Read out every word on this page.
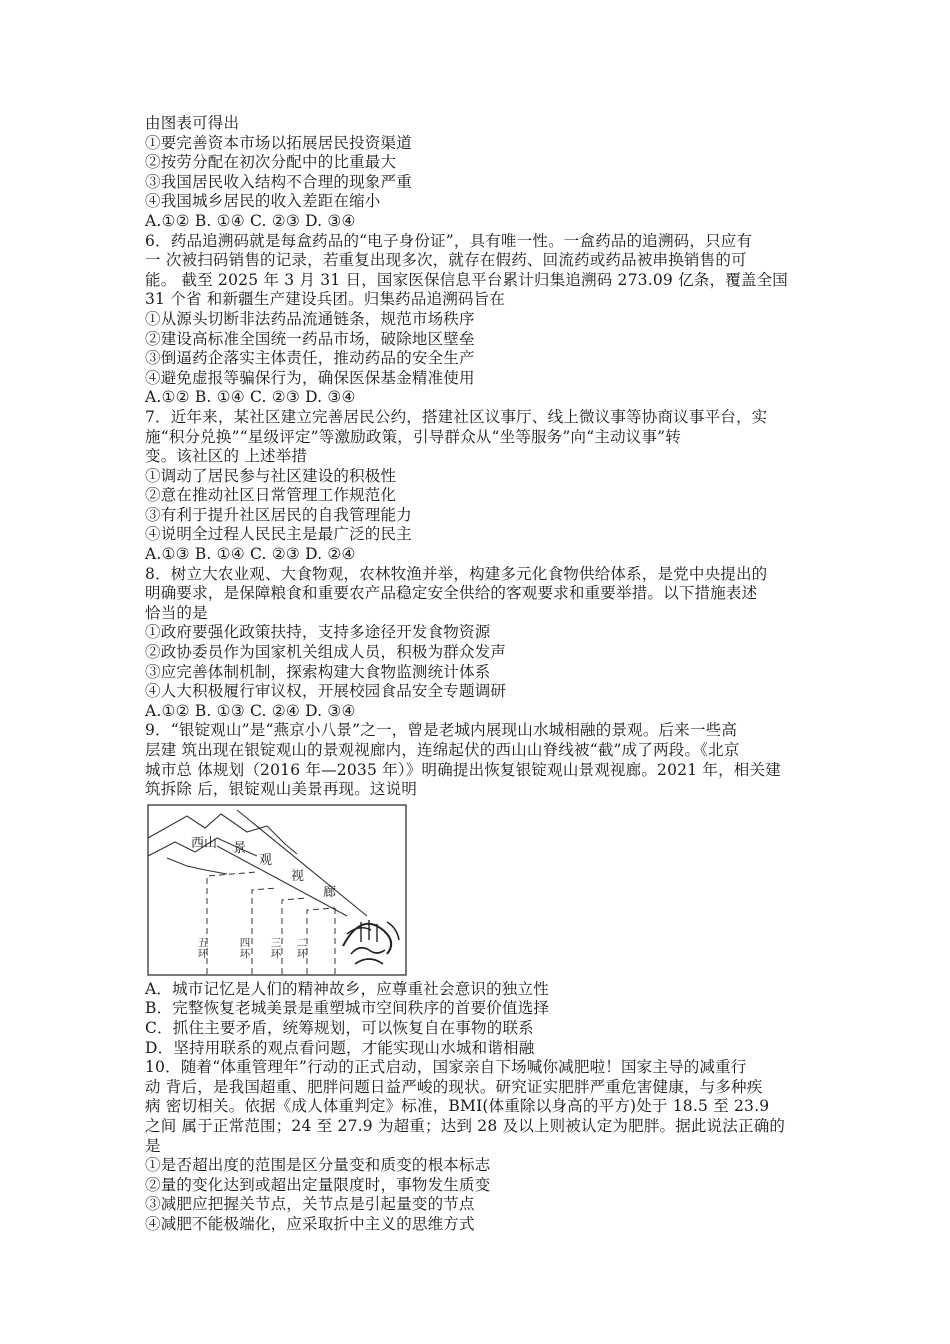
由图表可得出
①要完善资本市场以拓展居民投资渠道
②按劳分配在初次分配中的比重最大
③我国居民收入结构不合理的现象严重
④我国城乡居民的收入差距在缩小
A.①② B. ①④ C. ②③ D. ③④
6．药品追溯码就是每盒药品的“电子身份证”，具有唯一性。一盒药品的追溯码，只应有
一 次被扫码销售的记录，若重复出现多次，就存在假药、回流药或药品被串换销售的可
能。 截至 2025 年 3 月 31 日，国家医保信息平台累计归集追溯码 273.09 亿条，覆盖全国
31 个省 和新疆生产建设兵团。归集药品追溯码旨在
①从源头切断非法药品流通链条，规范市场秩序
②建设高标准全国统一药品市场，破除地区壁垒
③倒逼药企落实主体责任，推动药品的安全生产
④避免虚报等骗保行为，确保医保基金精准使用
A.①② B. ①④ C. ②③ D. ③④
7．近年来，某社区建立完善居民公约，搭建社区议事厅、线上微议事等协商议事平台，实
施“积分兑换”“星级评定”等激励政策，引导群众从“坐等服务”向“主动议事”转
变。该社区的 上述举措
①调动了居民参与社区建设的积极性
②意在推动社区日常管理工作规范化
③有利于提升社区居民的自我管理能力
④说明全过程人民民主是最广泛的民主
A.①③ B. ①④ C. ②③ D. ②④
8．树立大农业观、大食物观，农林牧渔并举，构建多元化食物供给体系，是党中央提出的
明确要求，是保障粮食和重要农产品稳定安全供给的客观要求和重要举措。以下措施表述
恰当的是
①政府要强化政策扶持，支持多途径开发食物资源
②政协委员作为国家机关组成人员，积极为群众发声
③应完善体制机制，探索构建大食物监测统计体系
④人大积极履行审议权，开展校园食品安全专题调研
A.①② B. ①③ C. ②④ D. ③④
9．“银锭观山”是“燕京小八景”之一，曾是老城内展现山水城相融的景观。后来一些高
层建 筑出现在银锭观山的景观视廊内，连绵起伏的西山山脊线被“截”成了两段。《北京
城市总 体规划（2016 年—2035 年）》明确提出恢复银锭观山景观视廊。2021 年，相关建
筑拆除 后，银锭观山美景再现。这说明
西山 景
观
视
廊
五
环
四
环
三
环
二
环
A．城市记忆是人们的精神故乡，应尊重社会意识的独立性
B．完整恢复老城美景是重塑城市空间秩序的首要价值选择
C．抓住主要矛盾，统筹规划，可以恢复自在事物的联系
D．坚持用联系的观点看问题，才能实现山水城和谐相融
10．随着“体重管理年”行动的正式启动，国家亲自下场喊你减肥啦！国家主导的减重行
动 背后，是我国超重、肥胖问题日益严峻的现状。研究证实肥胖严重危害健康，与多种疾
病 密切相关。依据《成人体重判定》标准，BMI(体重除以身高的平方)处于 18.5 至 23.9
之间 属于正常范围；24 至 27.9 为超重；达到 28 及以上则被认定为肥胖。据此说法正确的
是
①是否超出度的范围是区分量变和质变的根本标志
②量的变化达到或超出定量限度时，事物发生质变
③减肥应把握关节点，关节点是引起量变的节点
④减肥不能极端化，应采取折中主义的思维方式
